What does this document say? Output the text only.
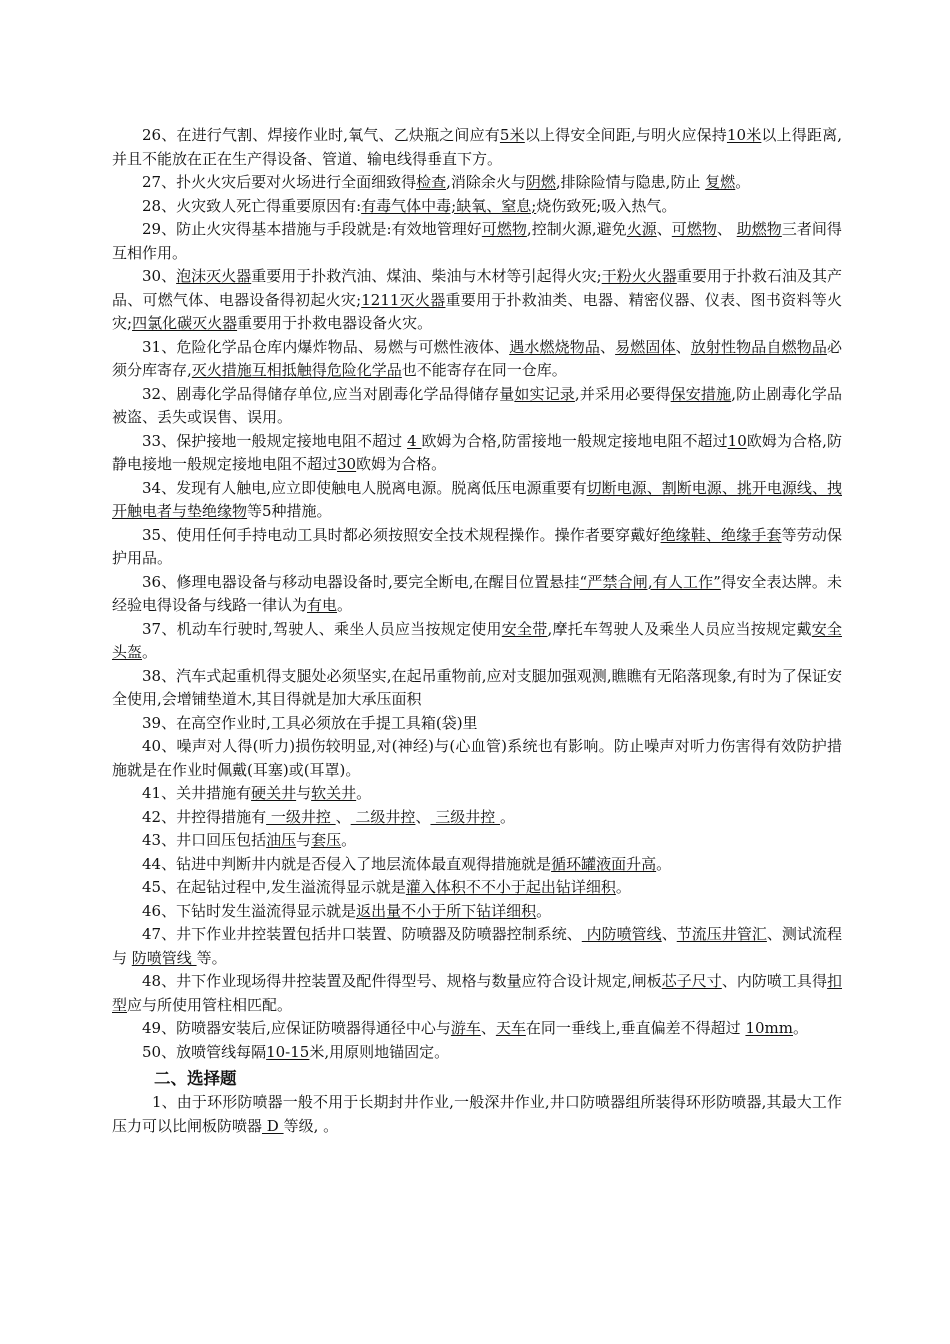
26、在进行气割、焊接作业时,氧气、乙炔瓶之间应有5米以上得安全间距,与明火应保持10米以上得距离,并且不能放在正在生产得设备、管道、输电线得垂直下方。

27、扑火火灾后要对火场进行全面细致得检查,消除余火与阴燃,排除险情与隐患,防止 复燃。

28、火灾致人死亡得重要原因有:有毒气体中毒;缺氧、窒息;烧伤致死;吸入热气。

29、防止火灾得基本措施与手段就是:有效地管理好可燃物,控制火源,避免火源、可燃物、 助燃物三者间得互相作用。

30、泡沫灭火器重要用于扑救汽油、煤油、柴油与木材等引起得火灾;干粉火火器重要用于扑救石油及其产品、可燃气体、电器设备得初起火灾;1211灭火器重要用于扑救油类、电器、精密仪器、仪表、图书资料等火灾;四氯化碳灭火器重要用于扑救电器设备火灾。

31、危险化学品仓库内爆炸物品、易燃与可燃性液体、遇水燃烧物品、易燃固体、放射性物品自燃物品必须分库寄存,灭火措施互相抵触得危险化学品也不能寄存在同一仓库。

32、剧毒化学品得储存单位,应当对剧毒化学品得储存量如实记录,并采用必要得保安措施,防止剧毒化学品被盗、丢失或误售、误用。

33、保护接地一般规定接地电阻不超过 4 欧姆为合格,防雷接地一般规定接地电阻不超过10欧姆为合格,防静电接地一般规定接地电阻不超过30欧姆为合格。

34、发现有人触电,应立即使触电人脱离电源。脱离低压电源重要有切断电源、割断电源、挑开电源线、拽开触电者与垫绝缘物等5种措施。

35、使用任何手持电动工具时都必须按照安全技术规程操作。操作者要穿戴好绝缘鞋、绝缘手套等劳动保护用品。

36、修理电器设备与移动电器设备时,要完全断电,在醒目位置悬挂“严禁合闸,有人工作”得安全表达牌。未经验电得设备与线路一律认为有电。

37、机动车行驶时,驾驶人、乘坐人员应当按规定使用安全带,摩托车驾驶人及乘坐人员应当按规定戴安全头盔。

38、汽车式起重机得支腿处必须坚实,在起吊重物前,应对支腿加强观测,瞧瞧有无陷落现象,有时为了保证安全使用,会增铺垫道木,其目得就是加大承压面积

39、在高空作业时,工具必须放在手提工具箱(袋)里

40、噪声对人得(听力)损伤较明显,对(神经)与(心血管)系统也有影响。防止噪声对听力伤害得有效防护措施就是在作业时佩戴(耳塞)或(耳罩)。

41、关井措施有硬关井与软关井。

42、井控得措施有 一级井控 、 二级井控、 三级井控 。

43、井口回压包括油压与套压。

44、钻进中判断井内就是否侵入了地层流体最直观得措施就是循环罐液面升高。

45、在起钻过程中,发生溢流得显示就是灌入体积不不小于起出钻详细积。

46、下钻时发生溢流得显示就是返出量不小于所下钻详细积。

47、井下作业井控装置包括井口装置、防喷器及防喷器控制系统、 内防喷管线、节流压井管汇、测试流程与 防喷管线 等。

48、井下作业现场得井控装置及配件得型号、规格与数量应符合设计规定,闸板芯子尺寸、内防喷工具得扣型应与所使用管柱相匹配。

49、防喷器安装后,应保证防喷器得通径中心与游车、天车在同一垂线上,垂直偏差不得超过 10mm。

50、放喷管线每隔10-15米,用原则地锚固定。

二、选择题

1、由于环形防喷器一般不用于长期封井作业,一般深井作业,井口防喷器组所装得环形防喷器,其最大工作压力可以比闸板防喷器 D 等级, 。
